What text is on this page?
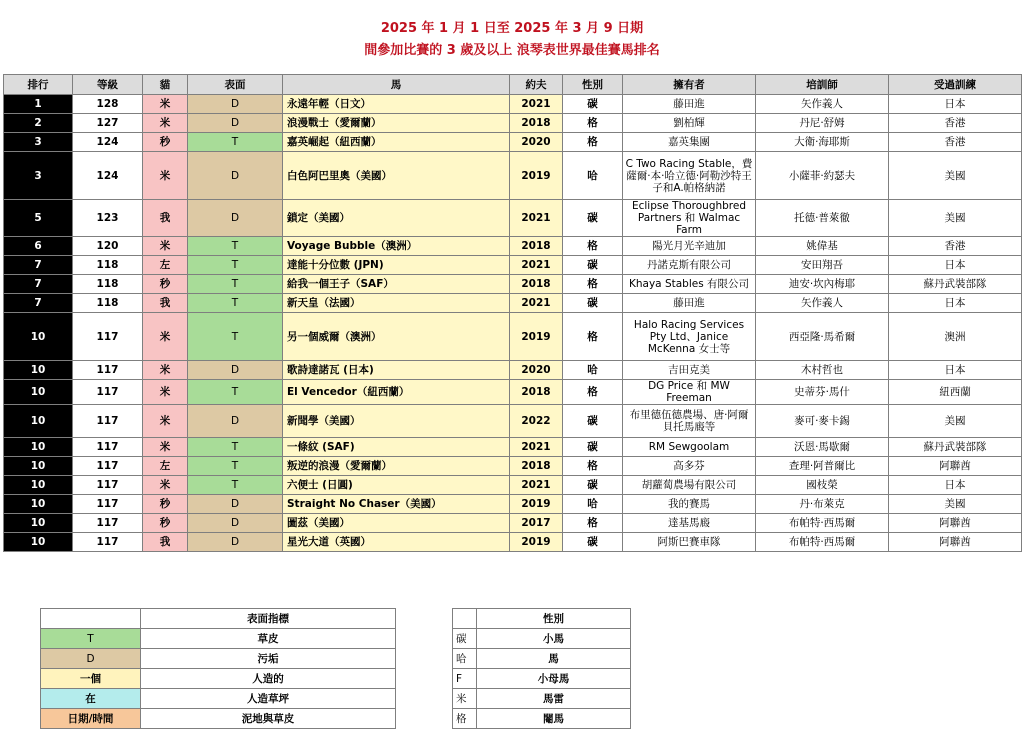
2025 年 1 月 1 日至 2025 年 3 月 9 日期
間參加比賽的 3 歲及以上 浪琴表世界最佳賽馬排名
排行	等級	貓	表面	馬	約夫	性別	擁有者	培訓師	受過訓練
1	128	米	D	永遠年輕（日文）	2021	碳	藤田進	矢作義人	日本
2	127	米	D	浪漫戰士（愛爾蘭）	2018	格	劉柏輝	丹尼·舒姆	香港
3	124	秒	T	嘉英崛起（紐西蘭）	2020	格	嘉英集團	大衛·海耶斯	香港
3	124	米	D	白色阿巴里奧（美國）	2019	哈	C Two Racing Stable，費薩爾·本·哈立德·阿勒沙特王子和A.帕格納諾	小薩菲·約瑟夫	美國
5	123	我	D	鎖定（美國）	2021	碳	Eclipse Thoroughbred Partners 和 Walmac Farm	托德·普萊徹	美國
6	120	米	T	Voyage Bubble（澳洲）	2018	格	陽光月光辛迪加	姚偉基	香港
7	118	左	T	達能十分位數 (JPN)	2021	碳	丹諾克斯有限公司	安田翔吾	日本
7	118	秒	T	給我一個王子（SAF）	2018	格	Khaya Stables 有限公司	迪安·坎內梅耶	蘇丹武裝部隊
7	118	我	T	新天皇（法國）	2021	碳	藤田進	矢作義人	日本
10	117	米	T	另一個威爾（澳洲）	2019	格	Halo Racing Services Pty Ltd、Janice McKenna 女士等	西亞隆·馬希爾	澳洲
10	117	米	D	歌詩達諾瓦 (日本)	2020	哈	吉田克美	木村哲也	日本
10	117	米	T	El Vencedor（紐西蘭）	2018	格	DG Price 和 MW Freeman	史蒂芬·馬什	紐西蘭
10	117	米	D	新聞學（美國）	2022	碳	布里德伍德農場、唐·阿爾貝托馬廄等	麥可·麥卡錫	美國
10	117	米	T	一條紋 (SAF)	2021	碳	RM Sewgoolam	沃恩·馬歇爾	蘇丹武裝部隊
10	117	左	T	叛逆的浪漫（愛爾蘭）	2018	格	高多芬	查理·阿普爾比	阿聯酋
10	117	米	T	六便士 (日圓)	2021	碳	胡蘿蔔農場有限公司	國枝榮	日本
10	117	秒	D	Straight No Chaser（美國）	2019	哈	我的賽馬	丹·布萊克	美國
10	117	秒	D	圖茲（美國）	2017	格	達基馬廄	布帕特·西馬爾	阿聯酋
10	117	我	D	星光大道（英國）	2019	碳	阿斯巴賽車隊	布帕特·西馬爾	阿聯酋
	表面指標
T	草皮
D	污垢
一個	人造的
在	人造草坪
日期/時間	泥地與草皮
	性別
碳	小馬
哈	馬
F	小母馬
米	馬雷
格	閹馬
